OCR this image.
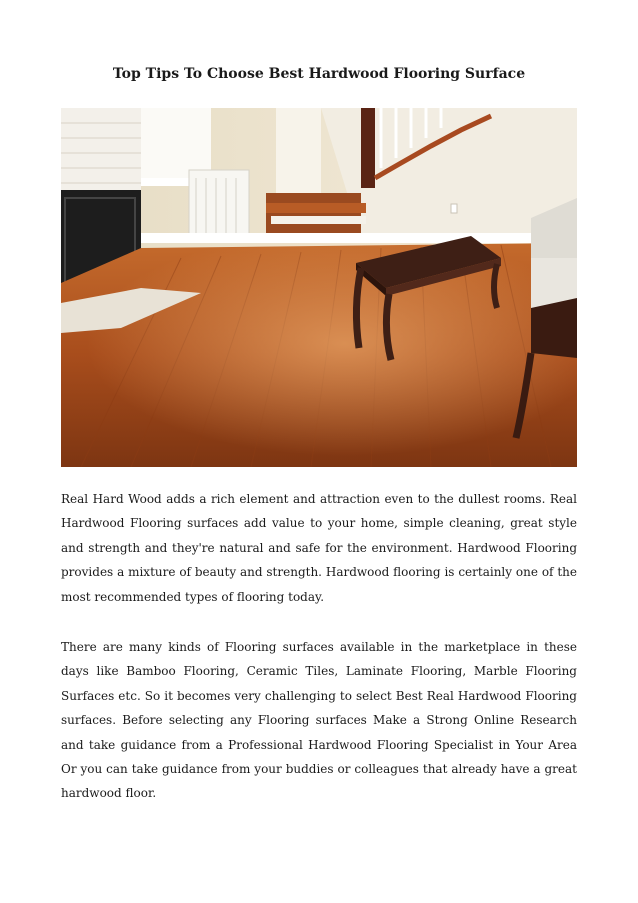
Top Tips To Choose Best Hardwood Flooring Surface

Real Hard Wood adds a rich element and attraction even to the dullest rooms. Real Hardwood Flooring surfaces add value to your home, simple cleaning, great style and strength and they're natural and safe for the environment. Hardwood Flooring provides a mixture of beauty and strength. Hardwood flooring is certainly one of the most recommended types of flooring today.

There are many kinds of Flooring surfaces available in the marketplace in these days like Bamboo Flooring, Ceramic Tiles, Laminate Flooring, Marble Flooring Surfaces etc. So it becomes very challenging to select Best Real Hardwood Flooring surfaces. Before selecting any Flooring surfaces Make a Strong Online Research and take guidance from a Professional Hardwood Flooring Specialist in Your Area Or you can take guidance from your buddies or colleagues that already have a great hardwood floor.
